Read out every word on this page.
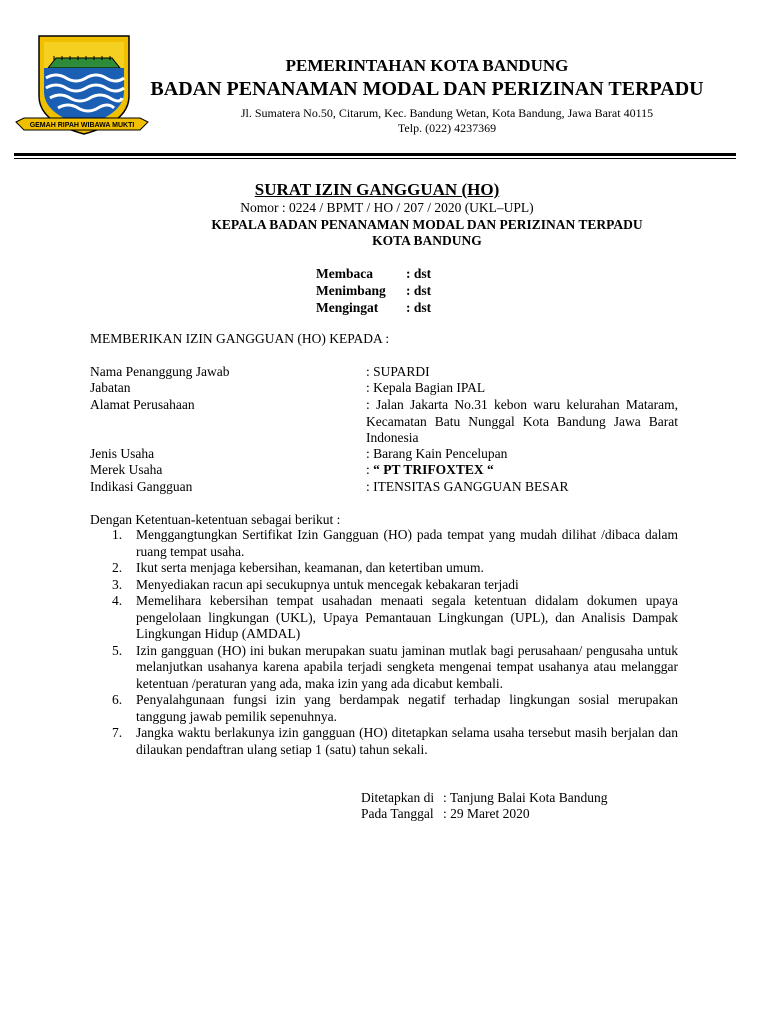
GEMAH RIPAH WIBAWA MUKTI
PEMERINTAHAN KOTA BANDUNG
BADAN PENANAMAN MODAL DAN PERIZINAN TERPADU
Jl. Sumatera No.50, Citarum, Kec. Bandung Wetan, Kota Bandung, Jawa Barat 40115
Telp. (022) 4237369
SURAT IZIN GANGGUAN (HO)
Nomor : 0224 / BPMT / HO / 207 / 2020 (UKL–UPL)
KEPALA BADAN PENANAMAN MODAL DAN PERIZINAN TERPADU
KOTA BANDUNG
Membaca : dst
Menimbang : dst
Mengingat : dst
MEMBERIKAN IZIN GANGGUAN (HO) KEPADA :
Nama Penanggung Jawab	: SUPARDI
Jabatan	: Kepala Bagian IPAL
Alamat Perusahaan	: Jalan Jakarta No.31 kebon waru kelurahan Mataram, Kecamatan Batu Nunggal Kota Bandung Jawa Barat Indonesia
Jenis Usaha	: Barang Kain Pencelupan
Merek Usaha	: “ PT TRIFOXTEX “
Indikasi Gangguan	: ITENSITAS GANGGUAN BESAR
Dengan Ketentuan-ketentuan sebagai berikut :
1. Menggangtungkan Sertifikat Izin Gangguan (HO) pada tempat yang mudah dilihat /dibaca dalam ruang tempat usaha.
2. Ikut serta menjaga kebersihan, keamanan, dan ketertiban umum.
3. Menyediakan racun api secukupnya untuk mencegak kebakaran terjadi
4. Memelihara kebersihan tempat usahadan menaati segala ketentuan didalam dokumen upaya pengelolaan lingkungan (UKL), Upaya Pemantauan Lingkungan (UPL), dan Analisis Dampak Lingkungan Hidup (AMDAL)
5. Izin gangguan (HO) ini bukan merupakan suatu jaminan mutlak bagi perusahaan/ pengusaha untuk melanjutkan usahanya karena apabila terjadi sengketa mengenai tempat usahanya atau melanggar ketentuan /peraturan yang ada, maka izin yang ada dicabut kembali.
6. Penyalahgunaan fungsi izin yang berdampak negatif terhadap lingkungan sosial merupakan tanggung jawab pemilik sepenuhnya.
7. Jangka waktu berlakunya izin gangguan (HO) ditetapkan selama usaha tersebut masih berjalan dan dilaukan pendaftran ulang setiap 1 (satu) tahun sekali.
Ditetapkan di : Tanjung Balai Kota Bandung
Pada Tanggal : 29 Maret 2020
